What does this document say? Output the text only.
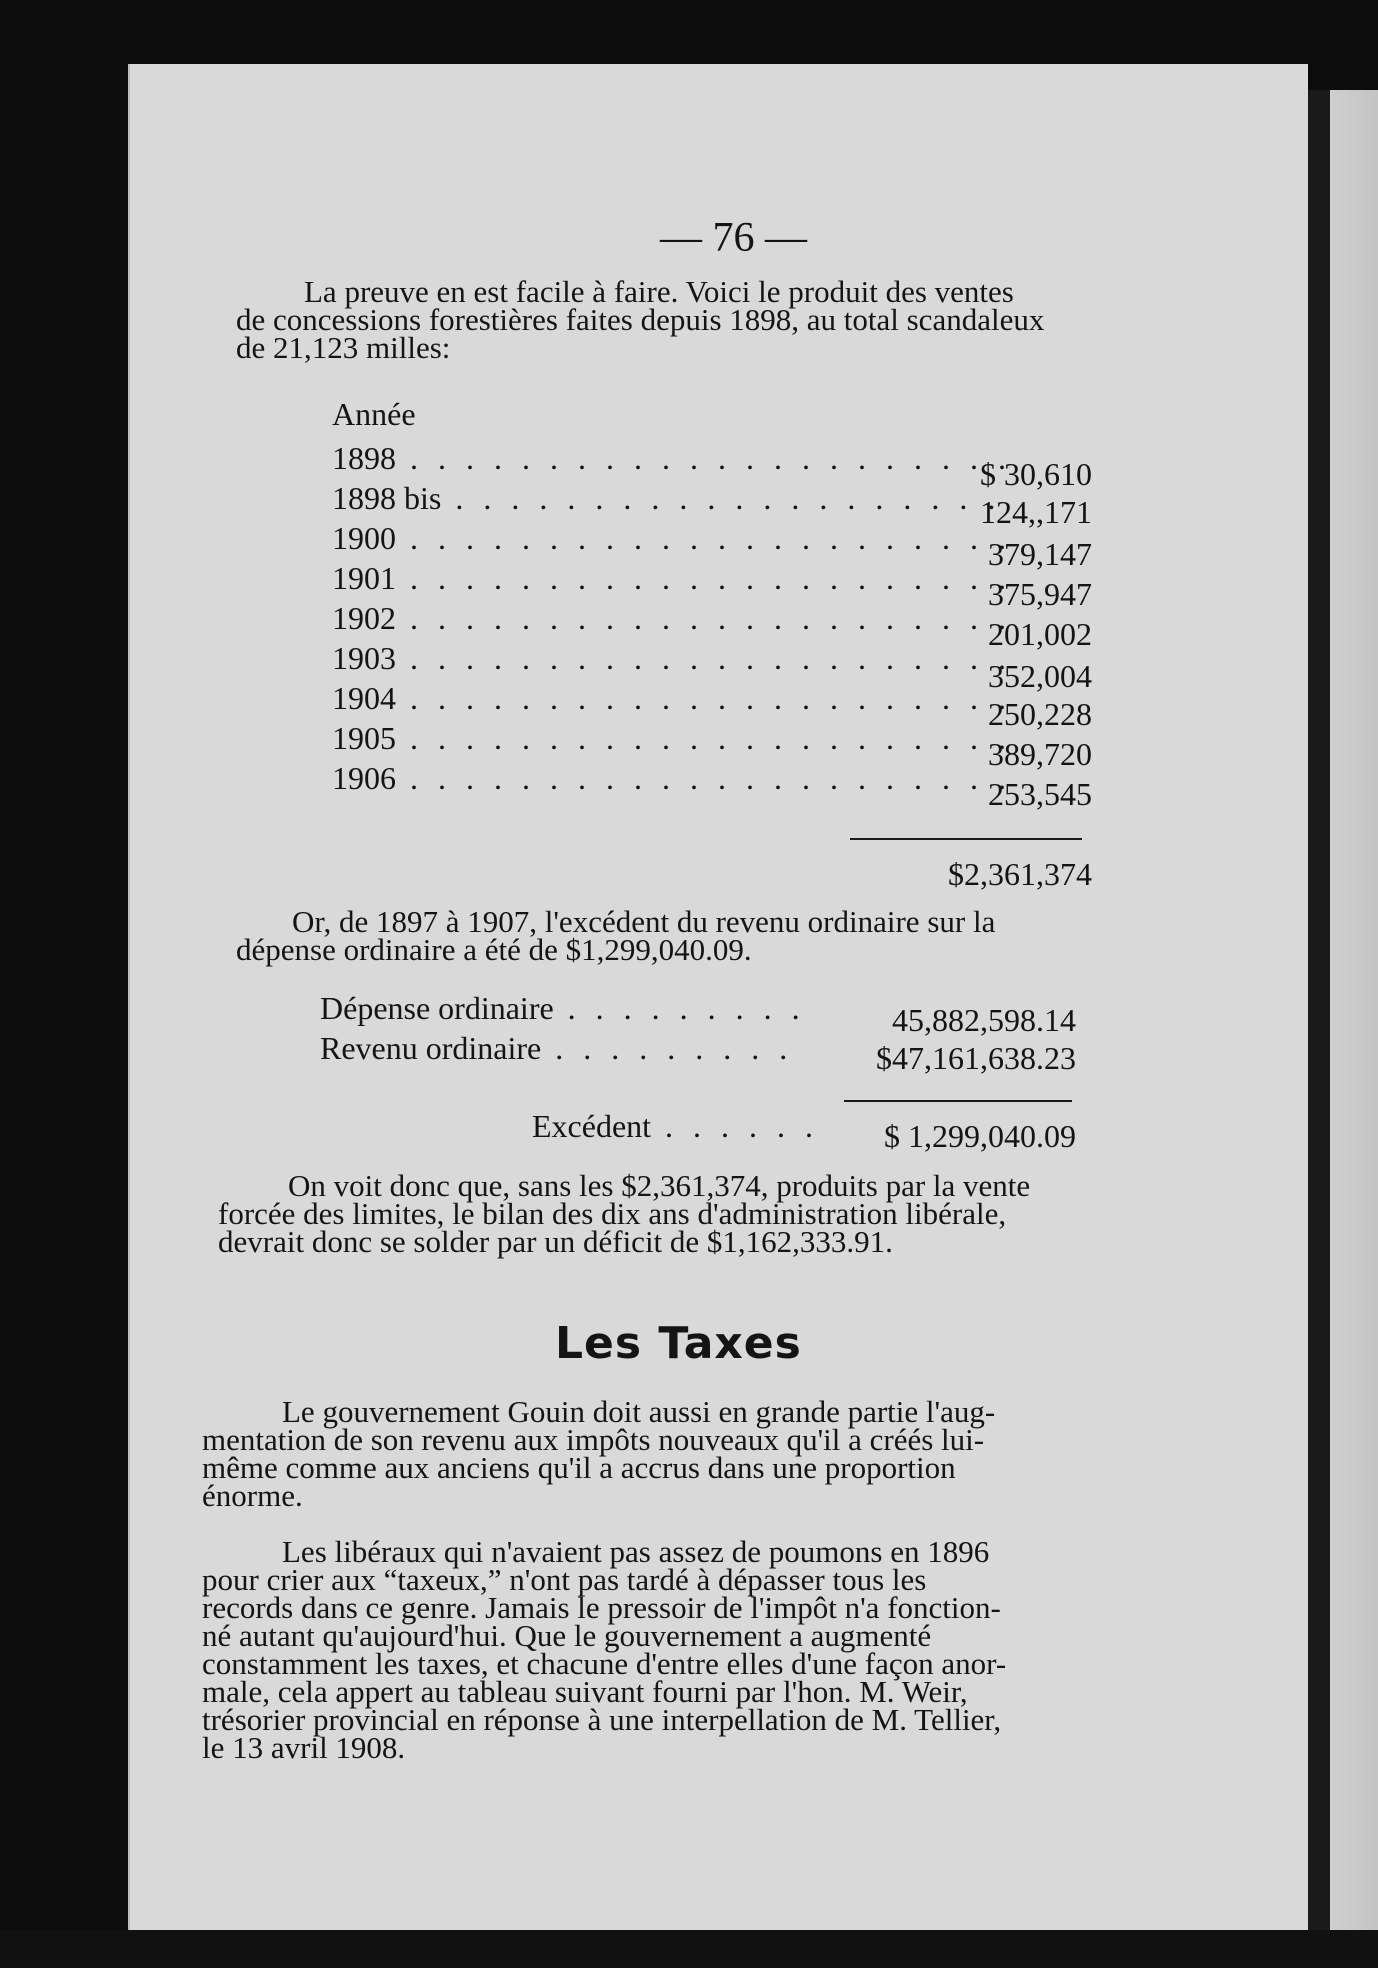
— 76 —
La preuve en est facile à faire. Voici le produit des ventes
de concessions forestières faites depuis 1898, au total scandaleux
de 21,123 milles:
Année
1898 . . . . . . . . . . . . . . . . . . . . . .
$ 30,610
1898 bis . . . . . . . . . . . . . . . . . . . .
124,,171
1900 . . . . . . . . . . . . . . . . . . . . . .
379,147
1901 . . . . . . . . . . . . . . . . . . . . . .
375,947
1902 . . . . . . . . . . . . . . . . . . . . . .
201,002
1903 . . . . . . . . . . . . . . . . . . . . . .
352,004
1904 . . . . . . . . . . . . . . . . . . . . . .
250,228
1905 . . . . . . . . . . . . . . . . . . . . . .
389,720
1906 . . . . . . . . . . . . . . . . . . . . . .
253,545
$2,361,374
Or, de 1897 à 1907, l'excédent du revenu ordinaire sur la
dépense ordinaire a été de $1,299,040.09.
Dépense ordinaire . . . . . . . . .	45,882,598.14
Revenu ordinaire . . . . . . . . .	$47,161,638.23
Excédent . . . . . . $ 1,299,040.09
On voit donc que, sans les $2,361,374, produits par la vente
forcée des limites, le bilan des dix ans d'administration libérale,
devrait donc se solder par un déficit de $1,162,333.91.
Les Taxes
Le gouvernement Gouin doit aussi en grande partie l'aug-
mentation de son revenu aux impôts nouveaux qu'il a créés lui-
même comme aux anciens qu'il a accrus dans une proportion
énorme.
Les libéraux qui n'avaient pas assez de poumons en 1896
pour crier aux “taxeux,” n'ont pas tardé à dépasser tous les
records dans ce genre. Jamais le pressoir de l'impôt n'a fonction-
né autant qu'aujourd'hui. Que le gouvernement a augmenté
constamment les taxes, et chacune d'entre elles d'une façon anor-
male, cela appert au tableau suivant fourni par l'hon. M. Weir,
trésorier provincial en réponse à une interpellation de M. Tellier,
le 13 avril 1908.
